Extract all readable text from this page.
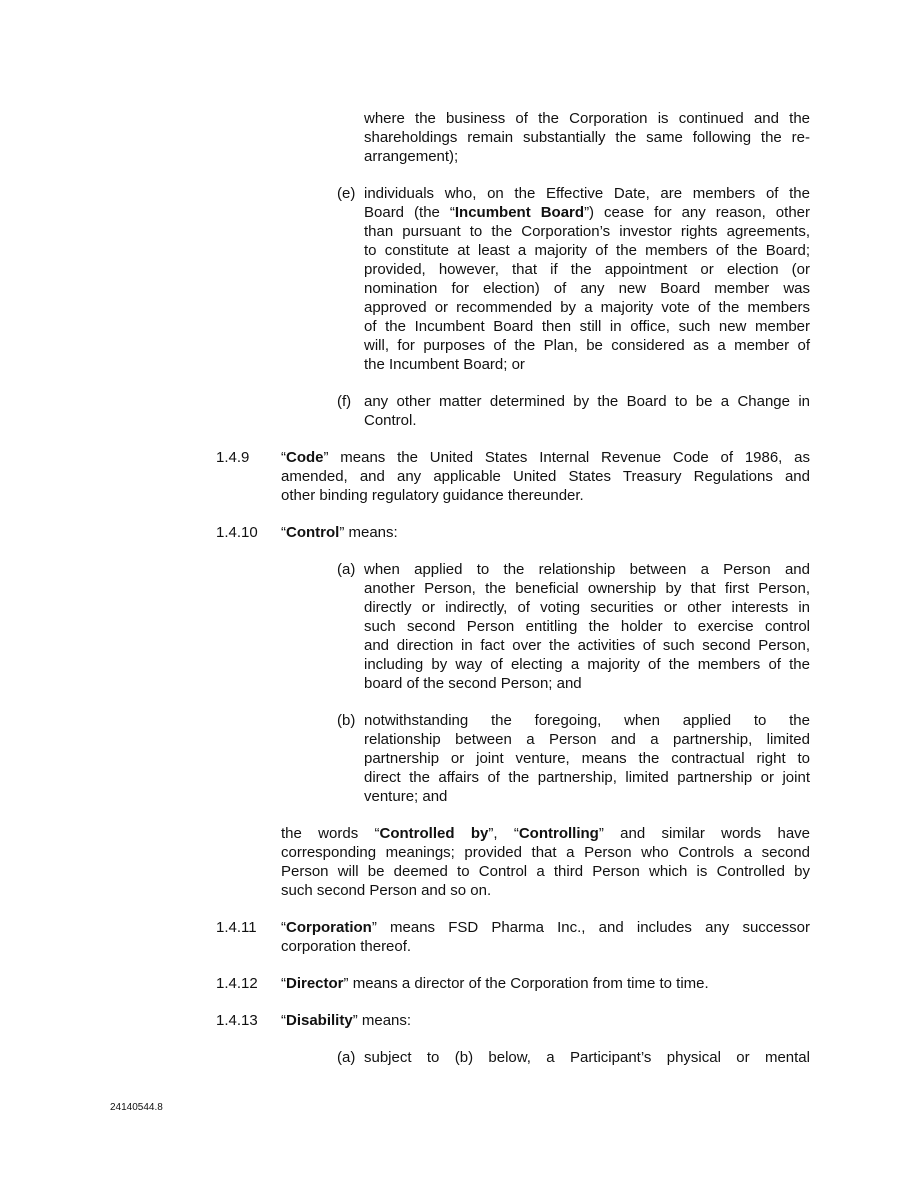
where the business of the Corporation is continued and the
shareholdings remain substantially the same following the re-
arrangement);
(e) individuals who, on the Effective Date, are members of the
Board (the “Incumbent Board”) cease for any reason, other
than pursuant to the Corporation’s investor rights agreements,
to constitute at least a majority of the members of the Board;
provided, however, that if the appointment or election (or
nomination for election) of any new Board member was
approved or recommended by a majority vote of the members
of the Incumbent Board then still in office, such new member
will, for purposes of the Plan, be considered as a member of
the Incumbent Board; or
(f) any other matter determined by the Board to be a Change in
Control.
1.4.9 “Code” means the United States Internal Revenue Code of 1986, as
amended, and any applicable United States Treasury Regulations and
other binding regulatory guidance thereunder.
1.4.10 “Control” means:
(a) when applied to the relationship between a Person and
another Person, the beneficial ownership by that first Person,
directly or indirectly, of voting securities or other interests in
such second Person entitling the holder to exercise control
and direction in fact over the activities of such second Person,
including by way of electing a majority of the members of the
board of the second Person; and
(b) notwithstanding the foregoing, when applied to the
relationship between a Person and a partnership, limited
partnership or joint venture, means the contractual right to
direct the affairs of the partnership, limited partnership or joint
venture; and
the words “Controlled by”, “Controlling” and similar words have
corresponding meanings; provided that a Person who Controls a second
Person will be deemed to Control a third Person which is Controlled by
such second Person and so on.
1.4.11 “Corporation” means FSD Pharma Inc., and includes any successor
corporation thereof.
1.4.12 “Director” means a director of the Corporation from time to time.
1.4.13 “Disability” means:
(a) subject to (b) below, a Participant’s physical or mental
24140544.8
